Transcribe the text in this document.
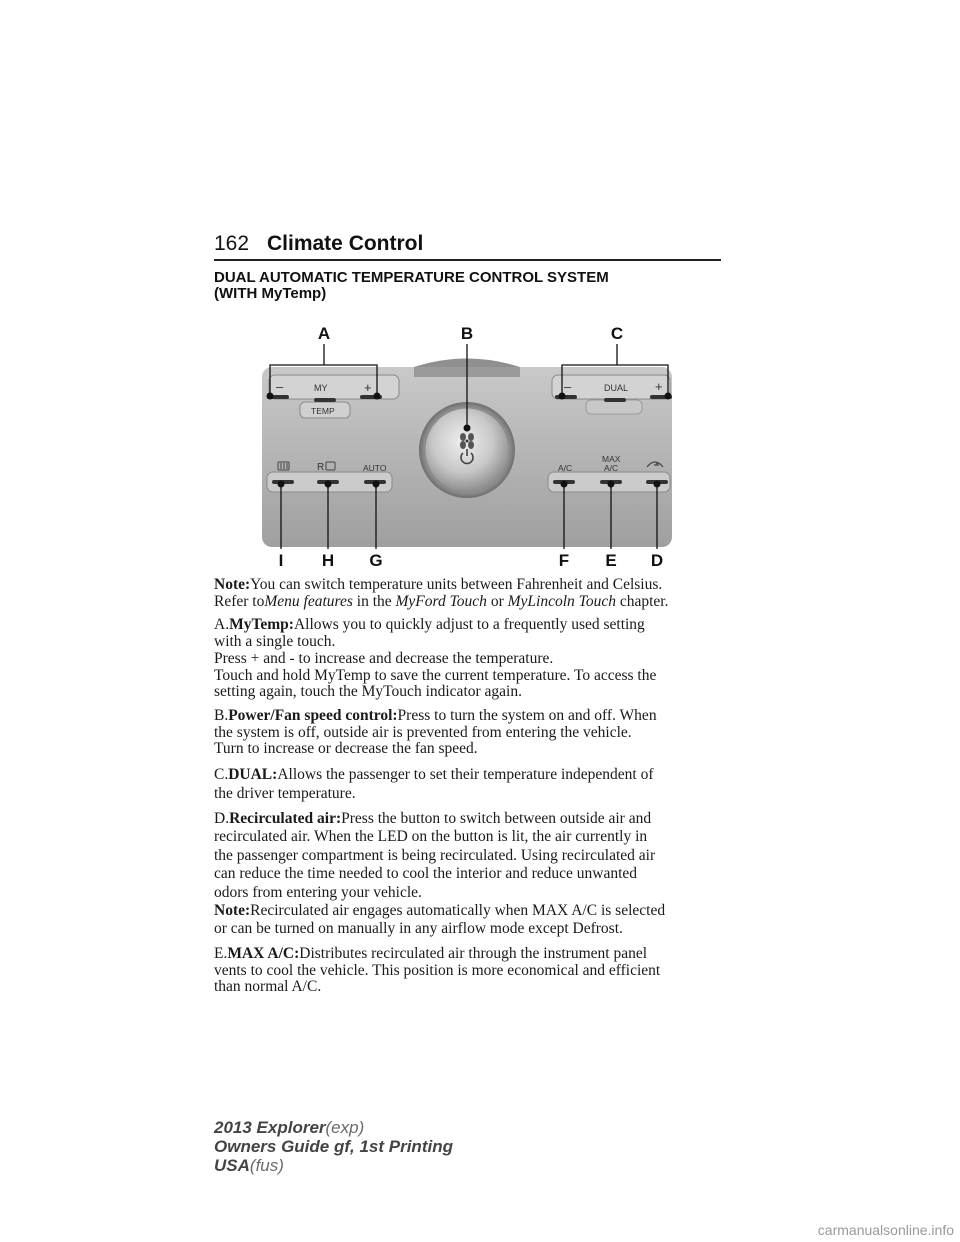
162 Climate Control
DUAL AUTOMATIC TEMPERATURE CONTROL SYSTEM
(WITH MyTemp)
–	MY	+
TEMP
–	DUAL +
R	AUTO	A/C
MAX
A/C
A	B	C
I H G	F E D

Note:You can switch temperature units between Fahrenheit and Celsius.
Refer toMenu features in the MyFord Touch or MyLincoln Touch chapter.

A.MyTemp:Allows you to quickly adjust to a frequently used setting
with a single touch.
Press + and - to increase and decrease the temperature.
Touch and hold MyTemp to save the current temperature. To access the
setting again, touch the MyTouch indicator again.

B.Power/Fan speed control:Press to turn the system on and off. When
the system is off, outside air is prevented from entering the vehicle.
Turn to increase or decrease the fan speed.

C.DUAL:Allows the passenger to set their temperature independent of
the driver temperature.

D.Recirculated air:Press the button to switch between outside air and
recirculated air. When the LED on the button is lit, the air currently in
the passenger compartment is being recirculated. Using recirculated air
can reduce the time needed to cool the interior and reduce unwanted
odors from entering your vehicle.
Note:Recirculated air engages automatically when MAX A/C is selected
or can be turned on manually in any airflow mode except Defrost.

E.MAX A/C:Distributes recirculated air through the instrument panel
vents to cool the vehicle. This position is more economical and efficient
than normal A/C.

2013 Explorer(exp)
Owners Guide gf, 1st Printing
USA(fus)
carmanualsonline.info
